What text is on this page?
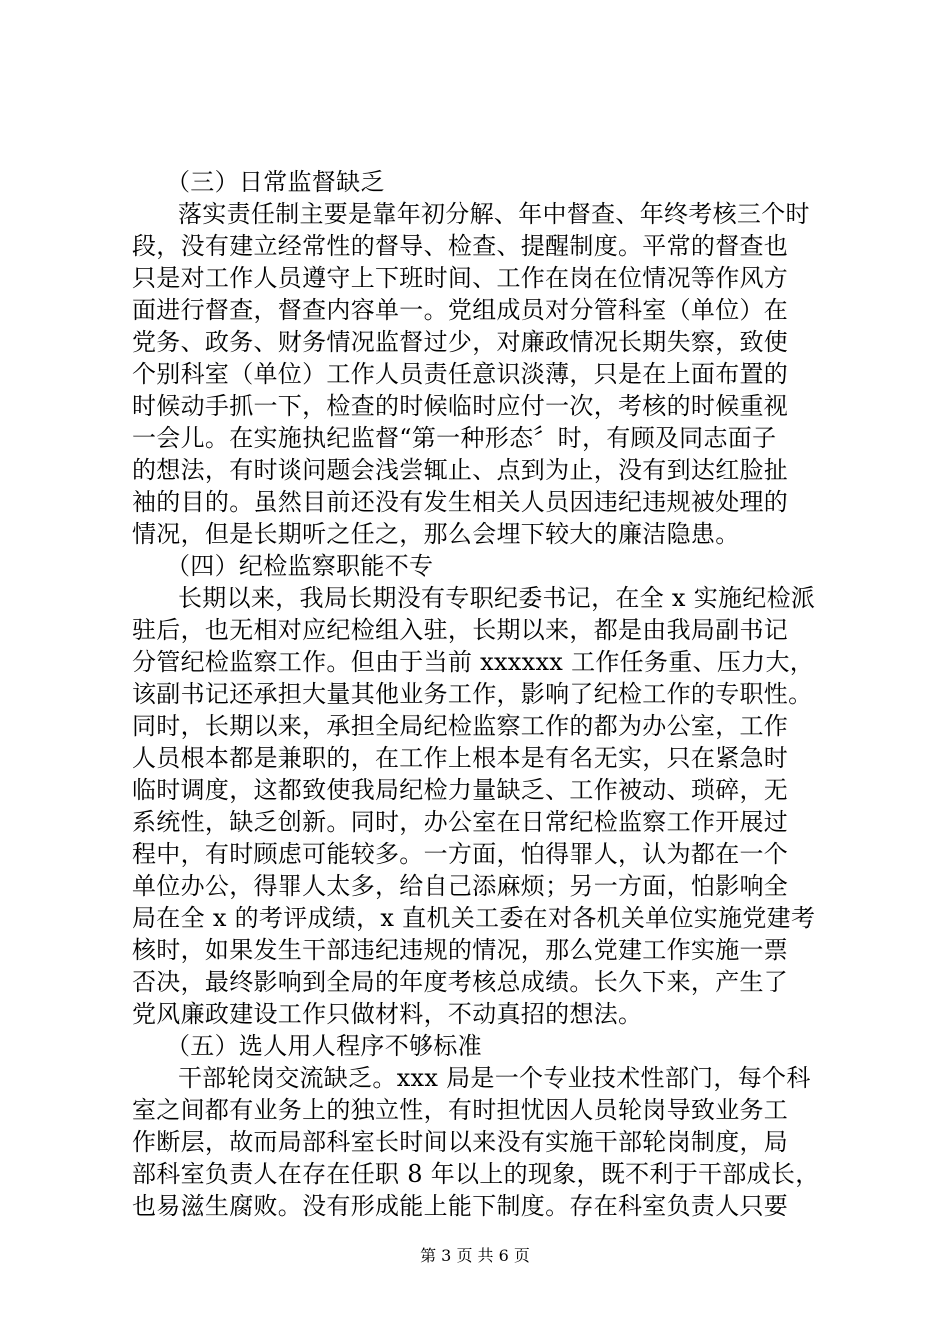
（三）日常监督缺乏

落实责任制主要是靠年初分解、年中督查、年终考核三个时
段，没有建立经常性的督导、检查、提醒制度。平常的督查也
只是对工作人员遵守上下班时间、工作在岗在位情况等作风方
面进行督查，督查内容单一。党组成员对分管科室（单位）在
党务、政务、财务情况监督过少，对廉政情况长期失察，致使
个别科室（单位）工作人员责任意识淡薄，只是在上面布置的
时候动手抓一下，检查的时候临时应付一次，考核的时候重视
一会儿。在实施执纪监督“第一种形态〞时，有顾及同志面子
的想法，有时谈问题会浅尝辄止、点到为止，没有到达红脸扯
袖的目的。虽然目前还没有发生相关人员因违纪违规被处理的
情况，但是长期听之任之，那么会埋下较大的廉洁隐患。

（四）纪检监察职能不专

长期以来，我局长期没有专职纪委书记，在全 x 实施纪检派
驻后，也无相对应纪检组入驻，长期以来，都是由我局副书记
分管纪检监察工作。但由于当前 xxxxxx 工作任务重、压力大，
该副书记还承担大量其他业务工作，影响了纪检工作的专职性。
同时，长期以来，承担全局纪检监察工作的都为办公室，工作
人员根本都是兼职的，在工作上根本是有名无实，只在紧急时
临时调度，这都致使我局纪检力量缺乏、工作被动、琐碎，无
系统性，缺乏创新。同时，办公室在日常纪检监察工作开展过
程中，有时顾虑可能较多。一方面，怕得罪人，认为都在一个
单位办公，得罪人太多，给自己添麻烦；另一方面，怕影响全
局在全 x 的考评成绩，x 直机关工委在对各机关单位实施党建考
核时，如果发生干部违纪违规的情况，那么党建工作实施一票
否决，最终影响到全局的年度考核总成绩。长久下来，产生了
党风廉政建设工作只做材料，不动真招的想法。

（五）选人用人程序不够标准

干部轮岗交流缺乏。xxx 局是一个专业技术性部门，每个科
室之间都有业务上的独立性，有时担忧因人员轮岗导致业务工
作断层，故而局部科室长时间以来没有实施干部轮岗制度，局
部科室负责人在存在任职 8 年以上的现象，既不利于干部成长，
也易滋生腐败。没有形成能上能下制度。存在科室负责人只要

第 3 页 共 6 页
